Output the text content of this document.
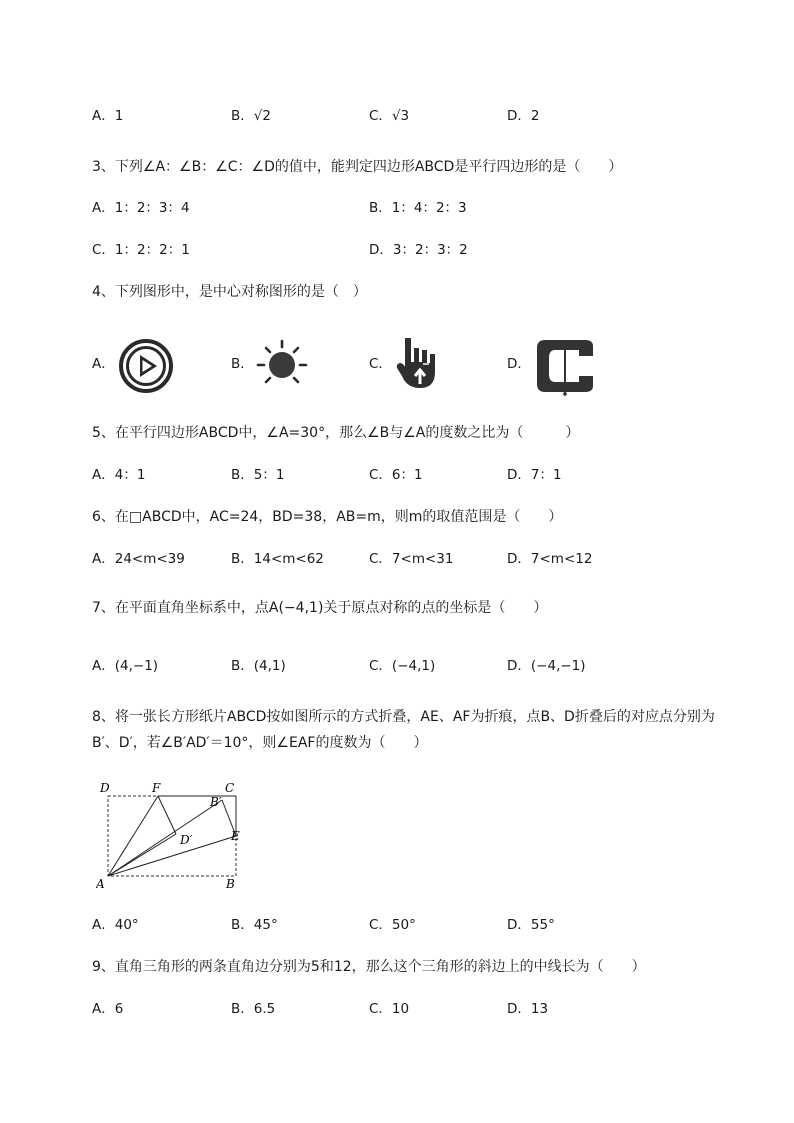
A．1	B．√2	C．√3	D．2
3、下列∠A：∠B：∠C：∠D的值中，能判定四边形ABCD是平行四边形的是（　　）
A．1：2：3：4	B．1：4：2：3
C．1：2：2：1	D．3：2：3：2
4、下列图形中，是中心对称图形的是（　）
A．	B．	C．	D．
5、在平行四边形ABCD中，∠A=30°，那么∠B与∠A的度数之比为（　　　）
A．4：1	B．5：1	C．6：1	D．7：1
6、在□ABCD中，AC=24，BD=38，AB=m，则m的取值范围是（　　）
A．24<m<39	B．14<m<62	C．7<m<31	D．7<m<12
7、在平面直角坐标系中，点A(−4,1)关于原点对称的点的坐标是（　　）
A．(4,−1)	B．(4,1)	C．(−4,1)	D．(−4,−1)
8、将一张长方形纸片ABCD按如图所示的方式折叠，AE、AF为折痕，点B、D折叠后的对应点分别为
B′、D′，若∠B′AD′＝10°，则∠EAF的度数为（　　）
D	F	C
B′
E
D′
A	B
A．40°	B．45°	C．50°	D．55°
9、直角三角形的两条直角边分别为5和12，那么这个三角形的斜边上的中线长为（　　）
A．6	B．6.5	C．10	D．13
